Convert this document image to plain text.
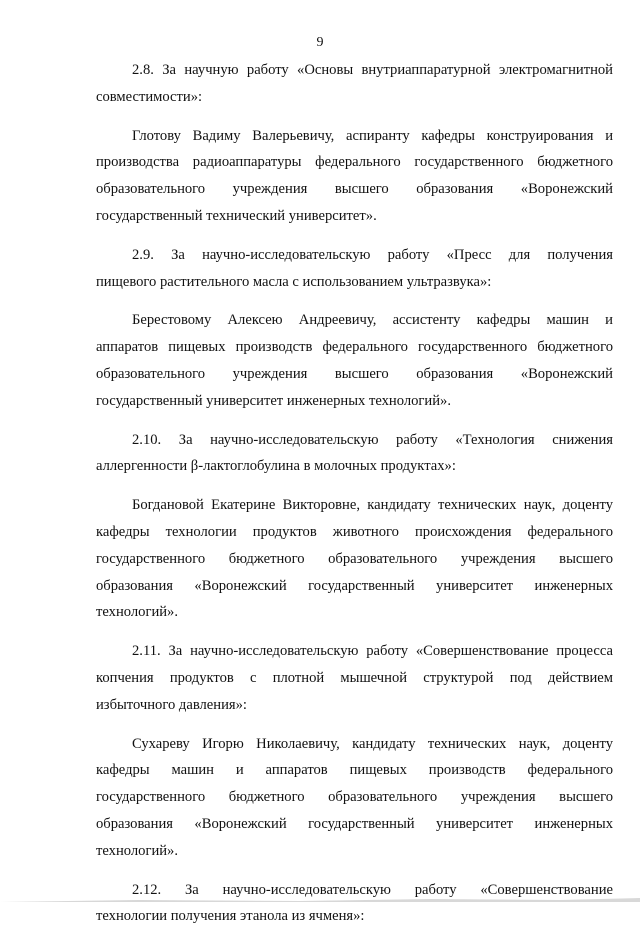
9

2.8. За научную работу «Основы внутриаппаратурной электромагнитной
совместимости»:

Глотову Вадиму Валерьевичу, аспиранту кафедры конструирования и
производства радиоаппаратуры федерального государственного бюджетного
образовательного учреждения высшего образования «Воронежский
государственный технический университет».

2.9. За научно-исследовательскую работу «Пресс для получения
пищевого растительного масла с использованием ультразвука»:

Берестовому Алексею Андреевичу, ассистенту кафедры машин и
аппаратов пищевых производств федерального государственного бюджетного
образовательного учреждения высшего образования «Воронежский
государственный университет инженерных технологий».

2.10. За научно-исследовательскую работу «Технология снижения
аллергенности β-лактоглобулина в молочных продуктах»:

Богдановой Екатерине Викторовне, кандидату технических наук, доценту
кафедры технологии продуктов животного происхождения федерального
государственного бюджетного образовательного учреждения высшего
образования «Воронежский государственный университет инженерных
технологий».

2.11. За научно-исследовательскую работу «Совершенствование процесса
копчения продуктов с плотной мышечной структурой под действием
избыточного давления»:

Сухареву Игорю Николаевичу, кандидату технических наук, доценту
кафедры машин и аппаратов пищевых производств федерального
государственного бюджетного образовательного учреждения высшего
образования «Воронежский государственный университет инженерных
технологий».

2.12. За научно-исследовательскую работу «Совершенствование
технологии получения этанола из ячменя»:
